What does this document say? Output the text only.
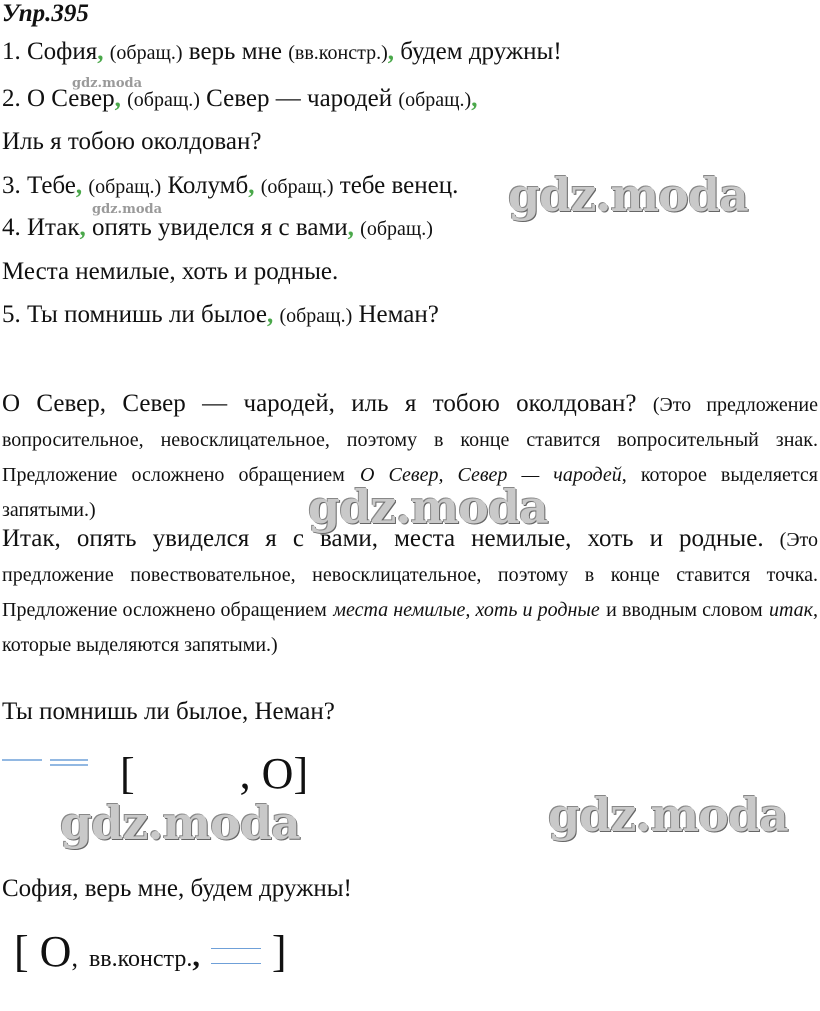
Упр.395
1. София, (обращ.) верь мне (вв.констр.), будем дружны!
2. О Север, (обращ.) Север — чародей (обращ.),
Иль я тобою околдован?
3. Тебе, (обращ.) Колумб, (обращ.) тебе венец.
4. Итак, опять увиделся я с вами, (обращ.)
Места немилые, хоть и родные.
5. Ты помнишь ли былое, (обращ.) Неман?
О Север, Север — чародей, иль я тобою околдован? (Это предложение вопросительное, невосклицательное, поэтому в конце ставится вопросительный знак. Предложение осложнено обращением О Север, Север — чародей, которое выделяется запятыми.)
Итак, опять увиделся я с вами, места немилые, хоть и родные. (Это предложение повествовательное, невосклицательное, поэтому в конце ставится точка. Предложение осложнено обращением места немилые, хоть и родные и вводным словом итак, которые выделяются запятыми.)
Ты помнишь ли былое, Неман?
[ , О]
София, верь мне, будем дружны!
[ О, вв.констр., ]
gdz.moda
gdz.moda	gdz.moda
gdz.moda
gdz.moda	gdz.moda
